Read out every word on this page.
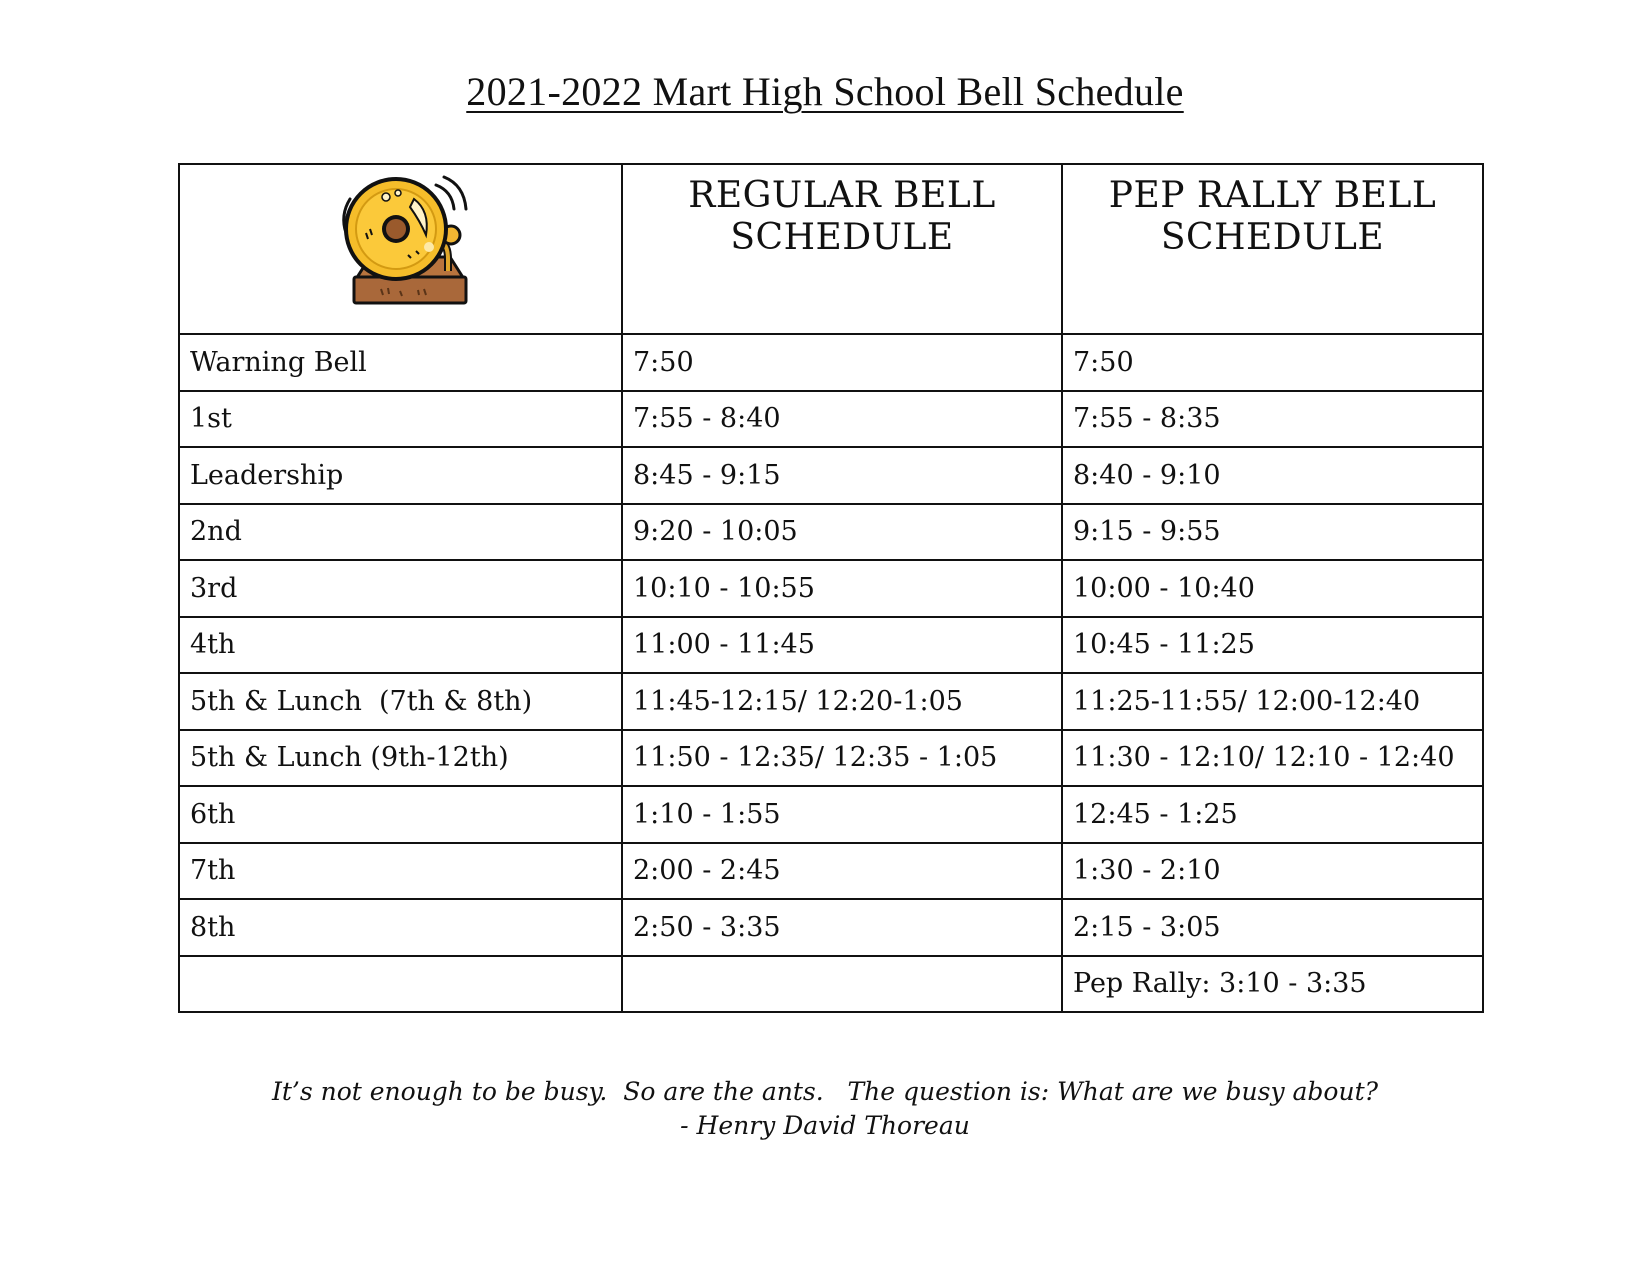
2021-2022 Mart High School Bell Schedule
	REGULAR BELL SCHEDULE	PEP RALLY BELL SCHEDULE
Warning Bell	7:50	7:50
1st	7:55 - 8:40	7:55 - 8:35
Leadership	8:45 - 9:15	8:40 - 9:10
2nd	9:20 - 10:05	9:15 - 9:55
3rd	10:10 - 10:55	10:00 - 10:40
4th	11:00 - 11:45	10:45 - 11:25
5th & Lunch  (7th & 8th)	11:45-12:15/ 12:20-1:05	11:25-11:55/ 12:00-12:40
5th & Lunch (9th-12th)	11:50 - 12:35/ 12:35 - 1:05	11:30 - 12:10/ 12:10 - 12:40
6th	1:10 - 1:55	12:45 - 1:25
7th	2:00 - 2:45	1:30 - 2:10
8th	2:50 - 3:35	2:15 - 3:05
		Pep Rally: 3:10 - 3:35
It’s not enough to be busy.  So are the ants.   The question is: What are we busy about?
- Henry David Thoreau
